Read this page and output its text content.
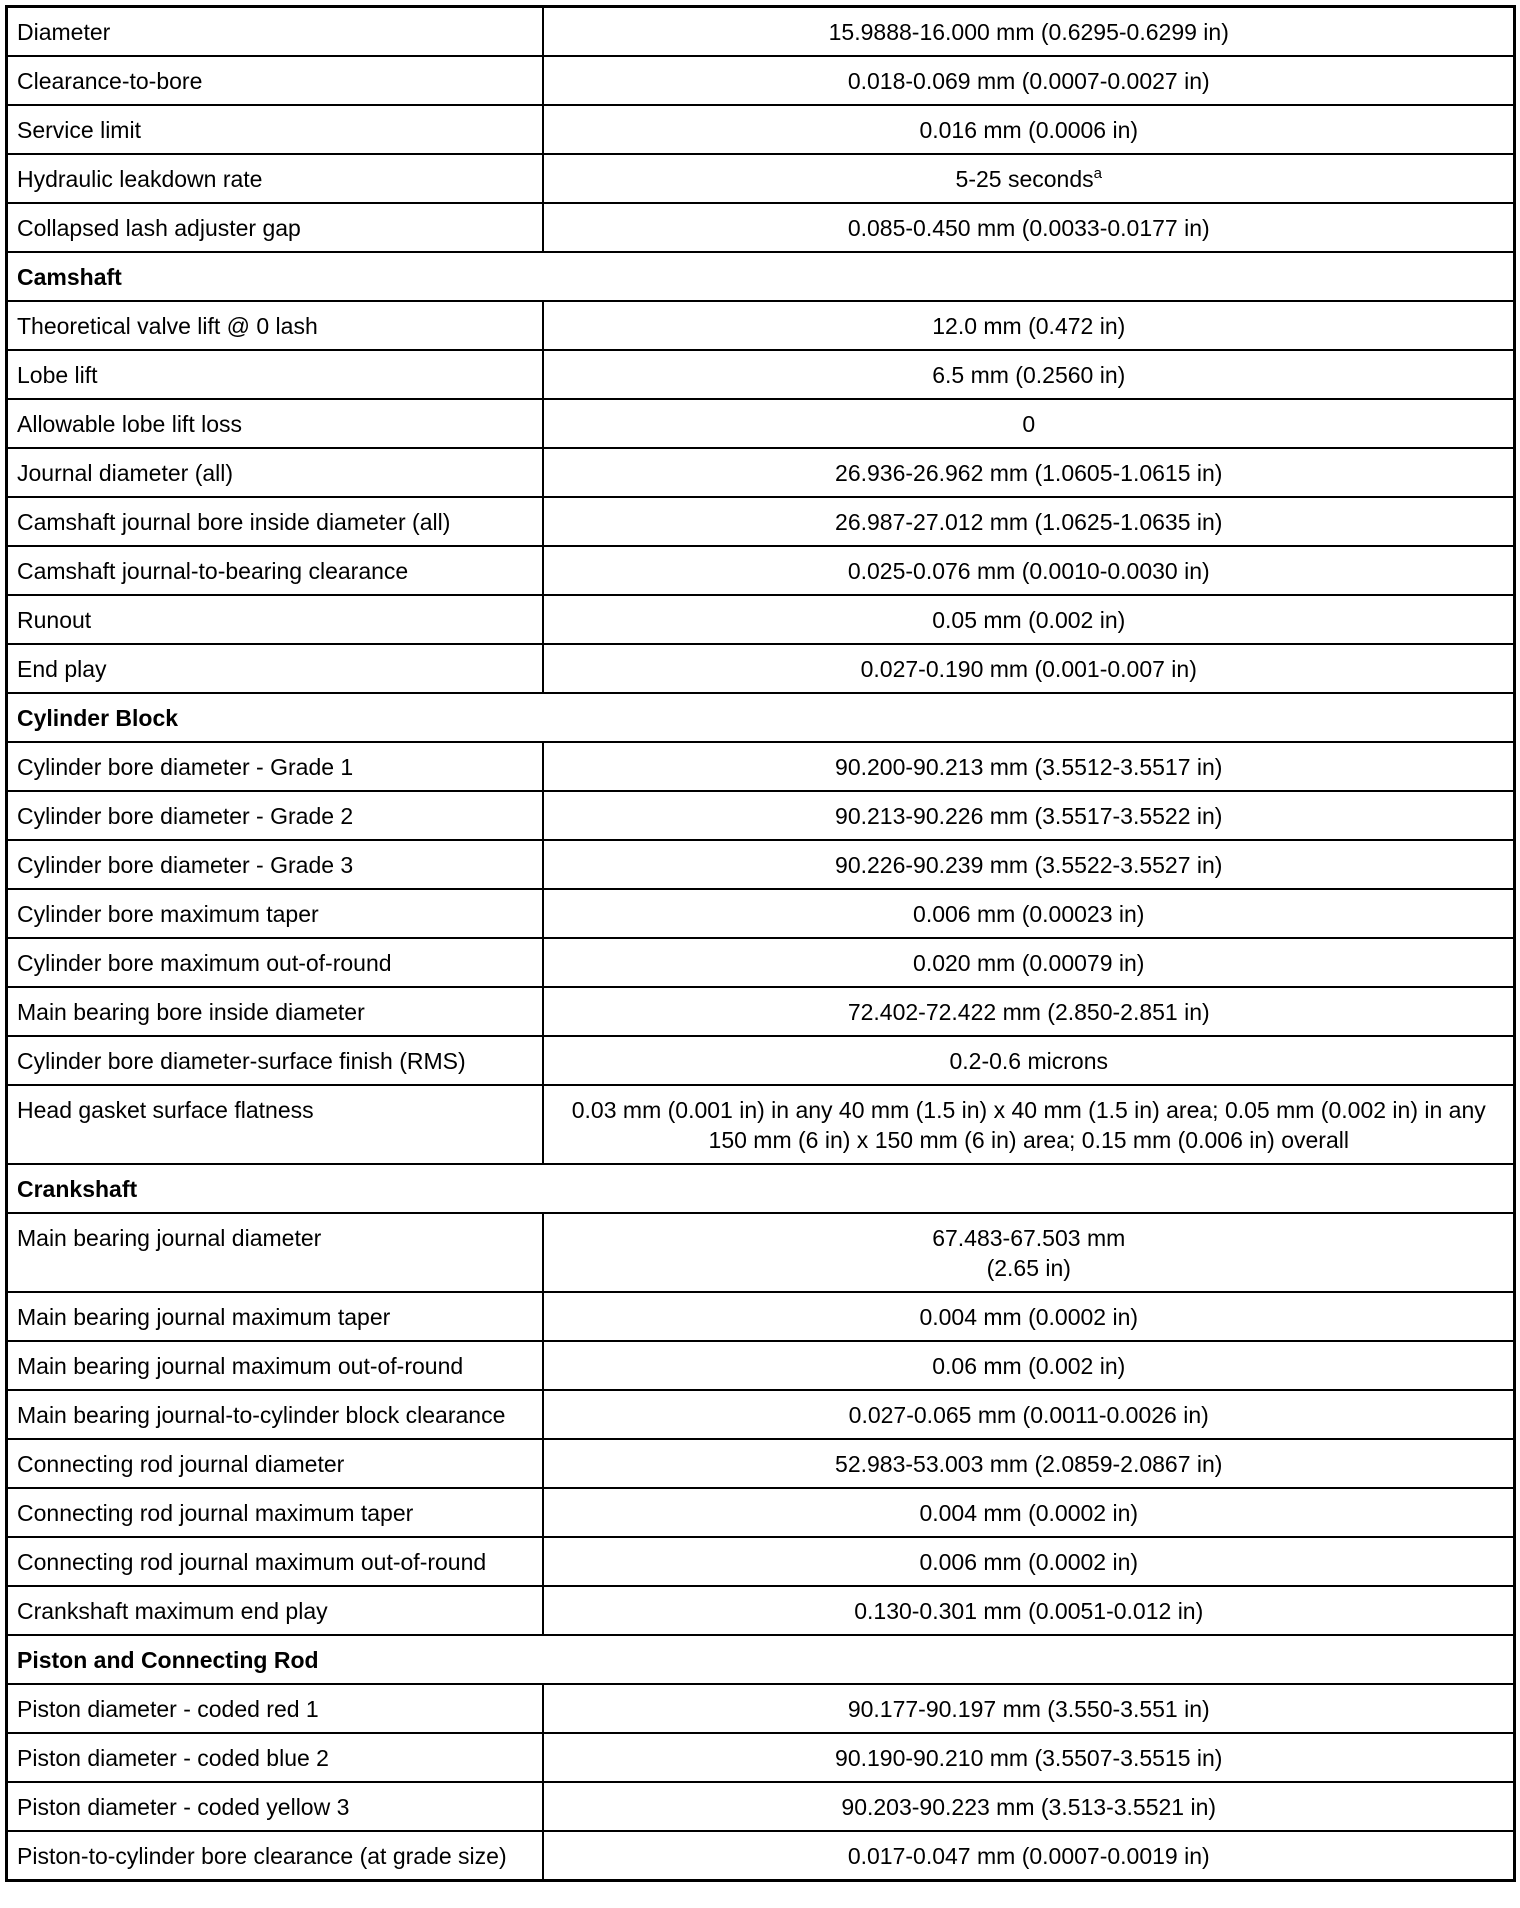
Diameter	15.9888-16.000 mm (0.6295-0.6299 in)
Clearance-to-bore	0.018-0.069 mm (0.0007-0.0027 in)
Service limit	0.016 mm (0.0006 in)
Hydraulic leakdown rate	5-25 seconds$^a$
Collapsed lash adjuster gap	0.085-0.450 mm (0.0033-0.0177 in)
Camshaft	
Theoretical valve lift @ 0 lash	12.0 mm (0.472 in)
Lobe lift	6.5 mm (0.2560 in)
Allowable lobe lift loss	0
Journal diameter (all)	26.936-26.962 mm (1.0605-1.0615 in)
Camshaft journal bore inside diameter (all)	26.987-27.012 mm (1.0625-1.0635 in)
Camshaft journal-to-bearing clearance	0.025-0.076 mm (0.0010-0.0030 in)
Runout	0.05 mm (0.002 in)
End play	0.027-0.190 mm (0.001-0.007 in)
Cylinder Block	
Cylinder bore diameter - Grade 1	90.200-90.213 mm (3.5512-3.5517 in)
Cylinder bore diameter - Grade 2	90.213-90.226 mm (3.5517-3.5522 in)
Cylinder bore diameter - Grade 3	90.226-90.239 mm (3.5522-3.5527 in)
Cylinder bore maximum taper	0.006 mm (0.00023 in)
Cylinder bore maximum out-of-round	0.020 mm (0.00079 in)
Main bearing bore inside diameter	72.402-72.422 mm (2.850-2.851 in)
Cylinder bore diameter-surface finish (RMS)	0.2-0.6 microns
Head gasket surface flatness	0.03 mm (0.001 in) in any 40 mm (1.5 in) x 40 mm (1.5 in) area; 0.05 mm (0.002 in) in any 150 mm (6 in) x 150 mm (6 in) area; 0.15 mm (0.006 in) overall
Crankshaft	
Main bearing journal diameter	67.483-67.503 mm
(2.65 in)
Main bearing journal maximum taper	0.004 mm (0.0002 in)
Main bearing journal maximum out-of-round	0.06 mm (0.002 in)
Main bearing journal-to-cylinder block clearance	0.027-0.065 mm (0.0011-0.0026 in)
Connecting rod journal diameter	52.983-53.003 mm (2.0859-2.0867 in)
Connecting rod journal maximum taper	0.004 mm (0.0002 in)
Connecting rod journal maximum out-of-round	0.006 mm (0.0002 in)
Crankshaft maximum end play	0.130-0.301 mm (0.0051-0.012 in)
Piston and Connecting Rod	
Piston diameter - coded red 1	90.177-90.197 mm (3.550-3.551 in)
Piston diameter - coded blue 2	90.190-90.210 mm (3.5507-3.5515 in)
Piston diameter - coded yellow 3	90.203-90.223 mm (3.513-3.5521 in)
Piston-to-cylinder bore clearance (at grade size)	0.017-0.047 mm (0.0007-0.0019 in)
